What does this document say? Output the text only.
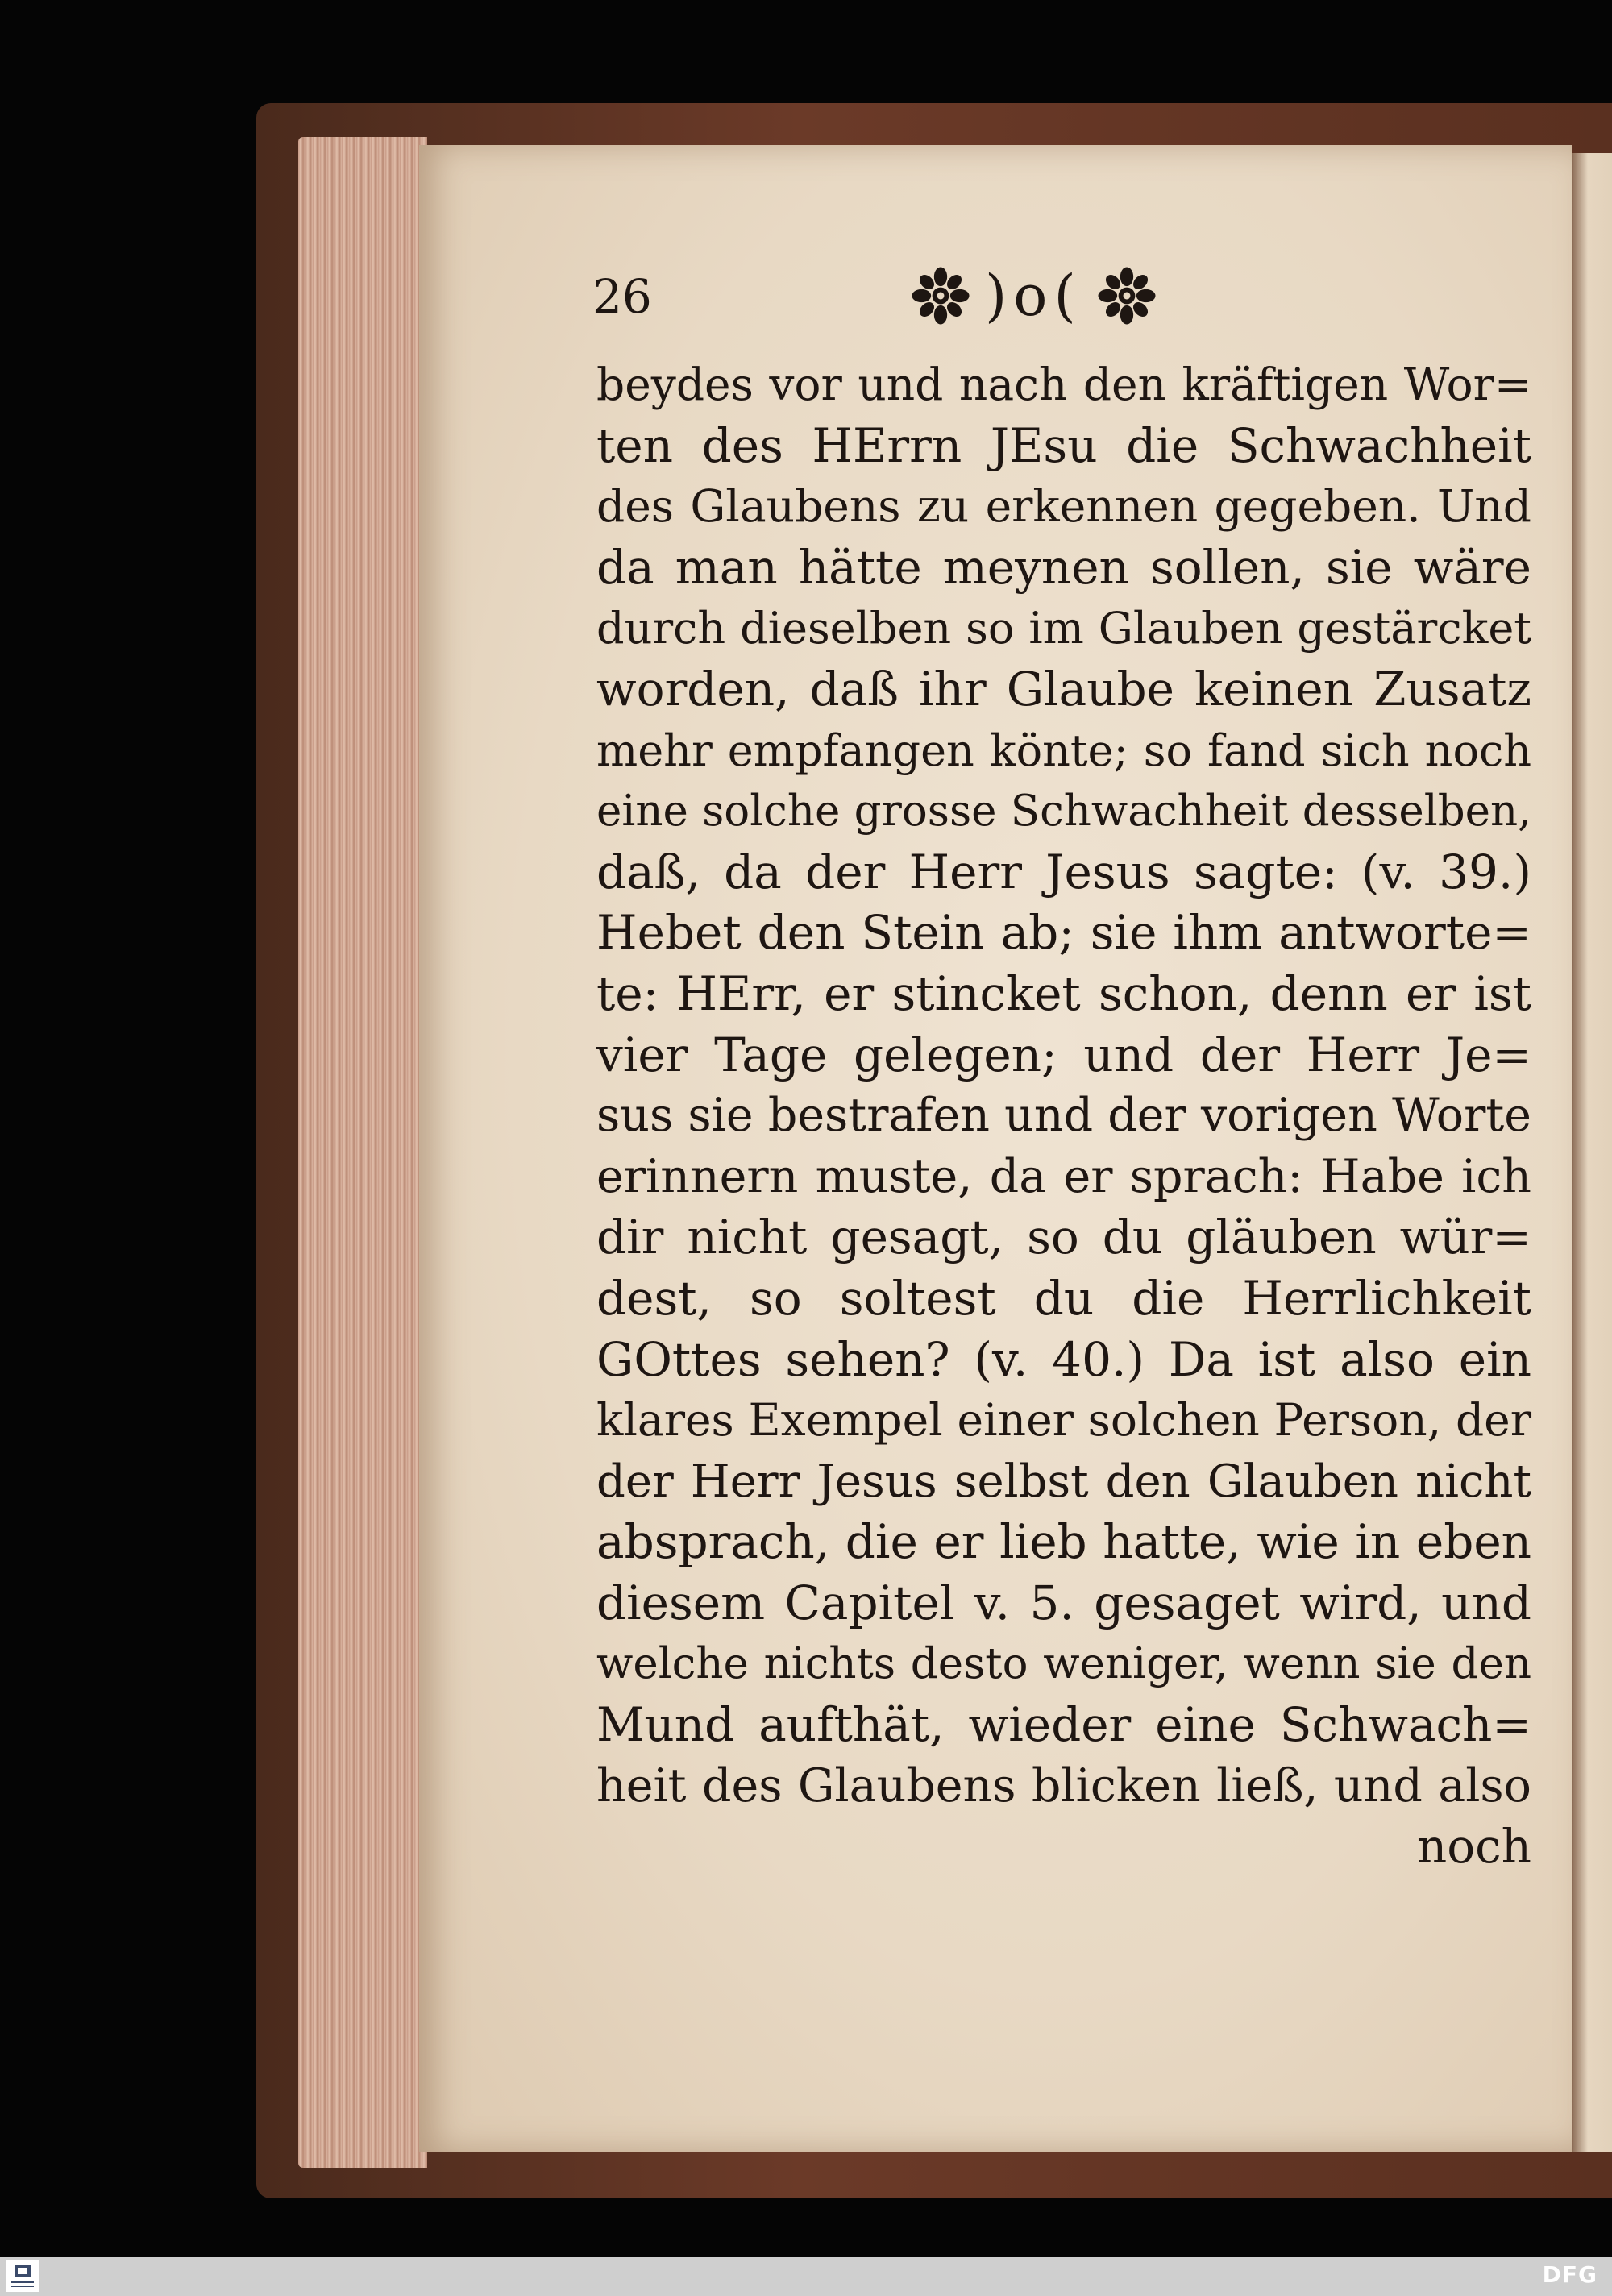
26	)o(
beydes vor und nach den kräftigen Wor=
ten des HErrn JEsu die Schwachheit
des Glaubens zu erkennen gegeben. Und
da man hätte meynen sollen, sie wäre
durch dieselben so im Glauben gestärcket
worden, daß ihr Glaube keinen Zusatz
mehr empfangen könte; so fand sich noch
eine solche grosse Schwachheit desselben,
daß, da der Herr Jesus sagte: (v. 39.)
Hebet den Stein ab; sie ihm antworte=
te: HErr, er stincket schon, denn er ist
vier Tage gelegen; und der Herr Je=
sus sie bestrafen und der vorigen Worte
erinnern muste, da er sprach: Habe ich
dir nicht gesagt, so du gläuben wür=
dest, so soltest du die Herrlichkeit
GOttes sehen? (v. 40.) Da ist also ein
klares Exempel einer solchen Person, der
der Herr Jesus selbst den Glauben nicht
absprach, die er lieb hatte, wie in eben
diesem Capitel v. 5. gesaget wird, und
welche nichts desto weniger, wenn sie den
Mund aufthät, wieder eine Schwach=
heit des Glaubens blicken ließ, und also
noch
DFG
